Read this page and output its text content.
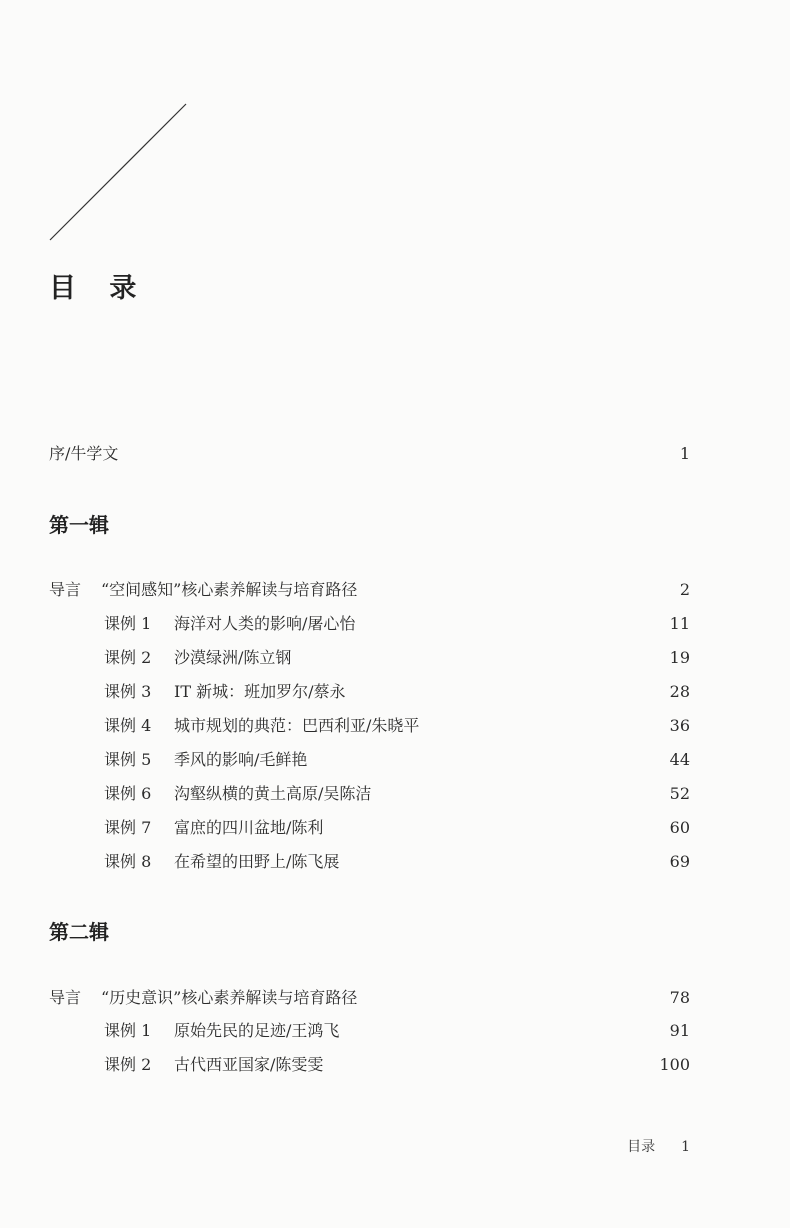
目 录
序/牛学文	1
第一辑
导言 “空间感知”核心素养解读与培育路径	2
课例 1 海洋对人类的影响/屠心怡	11
课例 2 沙漠绿洲/陈立钢	19
课例 3 IT 新城：班加罗尔/蔡永	28
课例 4 城市规划的典范：巴西利亚/朱晓平	36
课例 5 季风的影响/毛鲜艳	44
课例 6 沟壑纵横的黄土高原/吴陈洁	52
课例 7 富庶的四川盆地/陈利	60
课例 8 在希望的田野上/陈飞展	69
第二辑
导言 “历史意识”核心素养解读与培育路径	78
课例 1 原始先民的足迹/王鸿飞	91
课例 2 古代西亚国家/陈雯雯	100
目录 1
